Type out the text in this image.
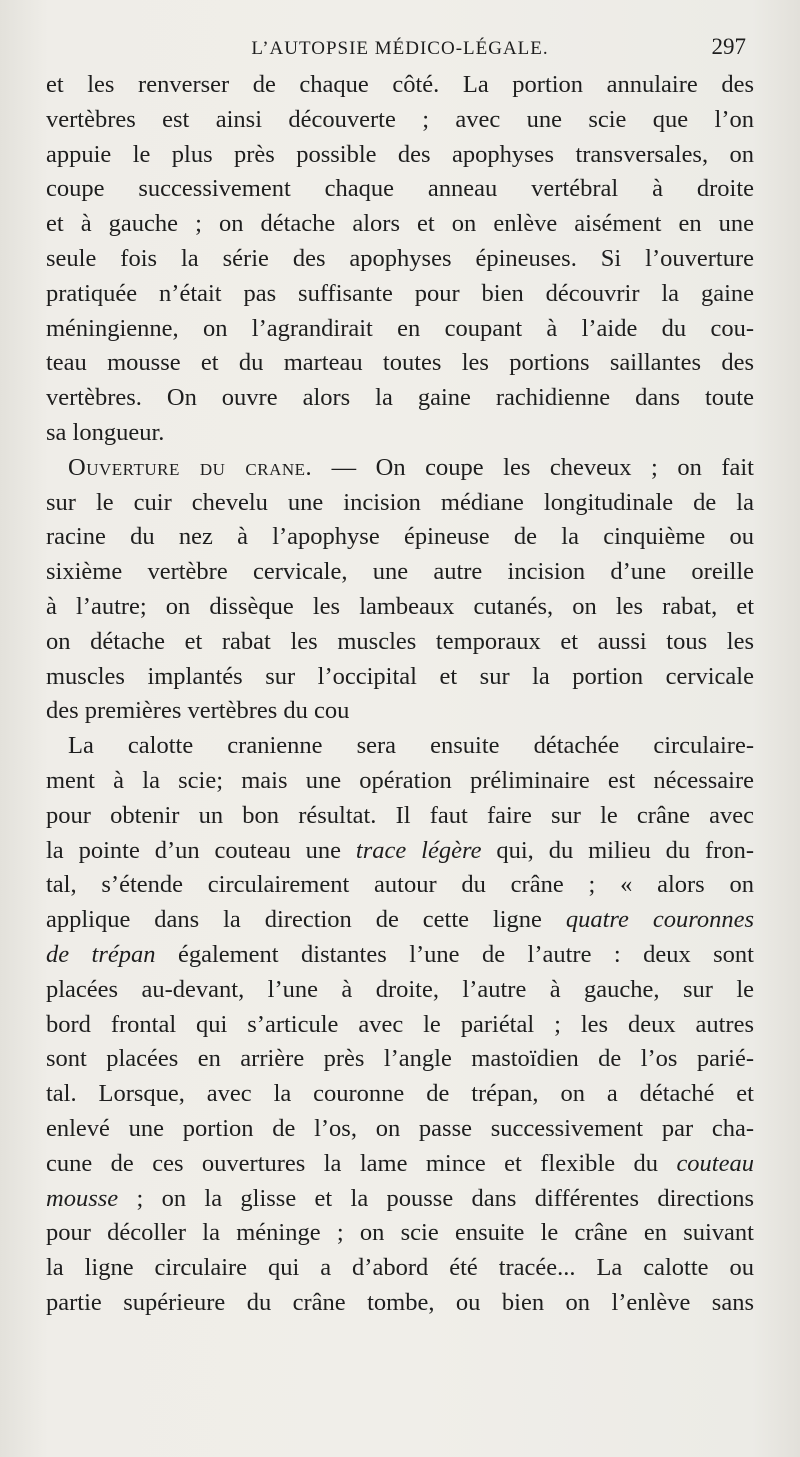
L’AUTOPSIE MÉDICO-LÉGALE.	297
et les renverser de chaque côté. La portion annulaire des
vertèbres est ainsi découverte ; avec une scie que l’on
appuie le plus près possible des apophyses transversales, on
coupe successivement chaque anneau vertébral à droite
et à gauche ; on détache alors et on enlève aisément en une
seule fois la série des apophyses épineuses. Si l’ouverture
pratiquée n’était pas suffisante pour bien découvrir la gaine
méningienne, on l’agrandirait en coupant à l’aide du cou-
teau mousse et du marteau toutes les portions saillantes des
vertèbres. On ouvre alors la gaine rachidienne dans toute
sa longueur.
Ouverture du crane. — On coupe les cheveux ; on fait
sur le cuir chevelu une incision médiane longitudinale de la
racine du nez à l’apophyse épineuse de la cinquième ou
sixième vertèbre cervicale, une autre incision d’une oreille
à l’autre; on dissèque les lambeaux cutanés, on les rabat, et
on détache et rabat les muscles temporaux et aussi tous les
muscles implantés sur l’occipital et sur la portion cervicale
des premières vertèbres du cou
La calotte cranienne sera ensuite détachée circulaire-
ment à la scie; mais une opération préliminaire est nécessaire
pour obtenir un bon résultat. Il faut faire sur le crâne avec
la pointe d’un couteau une trace légère qui, du milieu du fron-
tal, s’étende circulairement autour du crâne ; « alors on
applique dans la direction de cette ligne quatre couronnes
de trépan également distantes l’une de l’autre : deux sont
placées au-devant, l’une à droite, l’autre à gauche, sur le
bord frontal qui s’articule avec le pariétal ; les deux autres
sont placées en arrière près l’angle mastoïdien de l’os parié-
tal. Lorsque, avec la couronne de trépan, on a détaché et
enlevé une portion de l’os, on passe successivement par cha-
cune de ces ouvertures la lame mince et flexible du couteau
mousse ; on la glisse et la pousse dans différentes directions
pour décoller la méninge ; on scie ensuite le crâne en suivant
la ligne circulaire qui a d’abord été tracée... La calotte ou
partie supérieure du crâne tombe, ou bien on l’enlève sans
